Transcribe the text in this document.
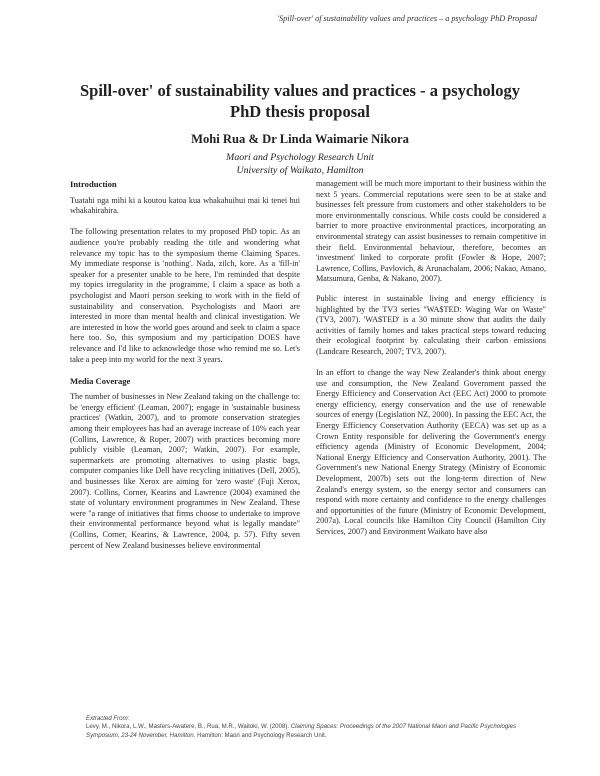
'Spill-over' of sustainability values and practices – a psychology PhD Proposal
Spill-over' of sustainability values and practices - a psychology
PhD thesis proposal
Mohi Rua & Dr Linda Waimarie Nikora
Maori and Psychology Research Unit
University of Waikato, Hamilton
Introduction

Tuatahi nga mihi ki a koutou katoa kua whakahuihui mai ki tenei hui whakahirahira.

The following presentation relates to my proposed PhD topic. As an audience you're probably reading the title and wondering what relevance my topic has to the symposium theme Claiming Spaces. My immediate response is 'nothing'. Nada, zilch, kore. As a 'fill-in' speaker for a presenter unable to be here, I'm reminded that despite my topics irregularity in the programme, I claim a space as both a psychologist and Maori person seeking to work with in the field of sustainability and conservation. Psychologists and Maori are interested in more than mental health and clinical investigation. We are interested in how the world goes around and seek to claim a space here too. So, this symposium and my participation DOES have relevance and I'd like to acknowledge those who remind me so. Let's take a peep into my world for the next 3 years.

Media Coverage

The number of businesses in New Zealand taking on the challenge to: be 'energy efficient' (Leaman, 2007); engage in 'sustainable business practices' (Watkin, 2007), and to promote conservation strategies among their employees has had an average increase of 10% each year (Collins, Lawrence, & Roper, 2007) with practices becoming more publicly visible (Leaman, 2007; Watkin, 2007). For example, supermarkets are promoting alternatives to using plastic bags, computer companies like Dell have recycling initiatives (Dell, 2005), and businesses like Xerox are aiming for 'zero waste' (Fuji Xerox, 2007). Collins, Corner, Kearins and Lawrence (2004) examined the state of voluntary environment programmes in New Zealand. These were "a range of initiatives that firms choose to undertake to improve their environmental performance beyond what is legally mandate" (Collins, Corner, Kearins, & Lawrence, 2004, p. 57). Fifty seven percent of New Zealand businesses believe environmental

management will be much more important to their business within the next 5 years. Commercial reputations were seen to be at stake and businesses felt pressure from customers and other stakeholders to be more environmentally conscious. While costs could be considered a barrier to more proactive environmental practices, incorporating an environmental strategy can assist businesses to remain competitive in their field. Environmental behaviour, therefore, becomes an 'investment' linked to corporate profit (Fowler & Hope, 2007; Lawrence, Collins, Pavlovich, & Arunachalam, 2006; Nakao, Amano, Matsumura, Genba, & Nakano, 2007).

Public interest in sustainable living and energy efficiency is highlighted by the TV3 series "WA$TED: Waging War on Waste" (TV3, 2007). 'WA$TED' is a 30 minute show that audits the daily activities of family homes and takes practical steps toward reducing their ecological footprint by calculating their carbon emissions (Landcare Research, 2007; TV3, 2007).

In an effort to change the way New Zealander's think about energy use and consumption, the New Zealand Government passed the Energy Efficiency and Conservation Act (EEC Act) 2000 to promote energy efficiency, energy conservation and the use of renewable sources of energy (Legislation NZ, 2000). In passing the EEC Act, the Energy Efficiency Conservation Authority (EECA) was set up as a Crown Entity responsible for delivering the Government's energy efficiency agenda (Ministry of Economic Development, 2004; National Energy Efficiency and Conservation Authority, 2001). The Government's new National Energy Strategy (Ministry of Economic Development, 2007b) sets out the long-term direction of New Zealand's energy system, so the energy sector and consumers can respond with more certainty and confidence to the energy challenges and opportunities of the future (Ministry of Economic Development, 2007a). Local councils like Hamilton City Council (Hamilton City Services, 2007) and Environment Waikato have also

Extracted From:
Levy, M., Nikora, L.W., Masters-Awatere, B., Rua, M.R., Waitoki, W. (2008). Claiming Spaces: Proceedings of the 2007 National Maori and Pacific Psychologies Symposium, 23-24 November, Hamilton. Hamilton: Maori and Psychology Research Unit.
